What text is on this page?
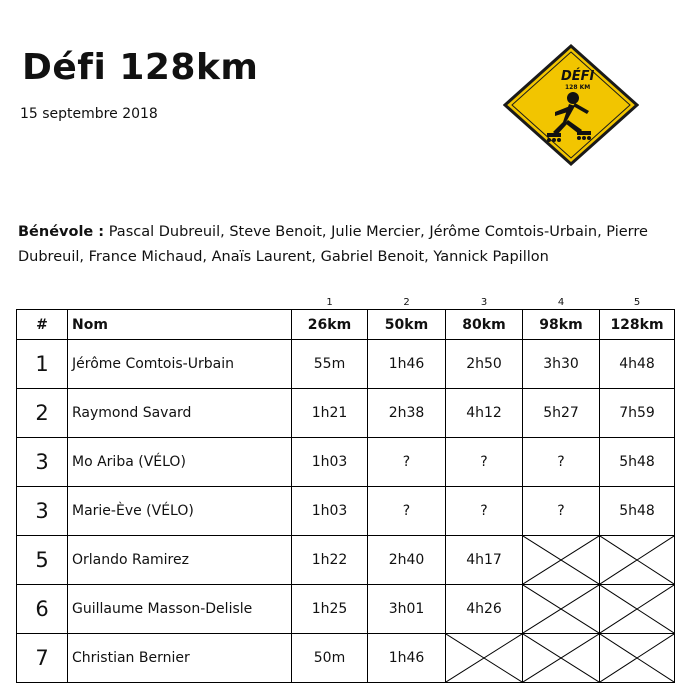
Défi 128km
15 septembre 2018
DÉFI
128 KM
Bénévole : Pascal Dubreuil, Steve Benoit, Julie Mercier, Jérôme Comtois-Urbain, Pierre Dubreuil, France Michaud, Anaïs Laurent, Gabriel Benoit, Yannick Papillon
		1	2	3	4	5
#	Nom	26km	50km	80km	98km	128km
1	Jérôme Comtois-Urbain	55m	1h46	2h50	3h30	4h48
2	Raymond Savard	1h21	2h38	4h12	5h27	7h59
3	Mo Ariba (VÉLO)	1h03	?	?	?	5h48
3	Marie-Ève (VÉLO)	1h03	?	?	?	5h48
5	Orlando Ramirez	1h22	2h40	4h17	

6	Guillaume Masson-Delisle	1h25	3h01	4h26	

7	Christian Bernier	50m	1h46	
